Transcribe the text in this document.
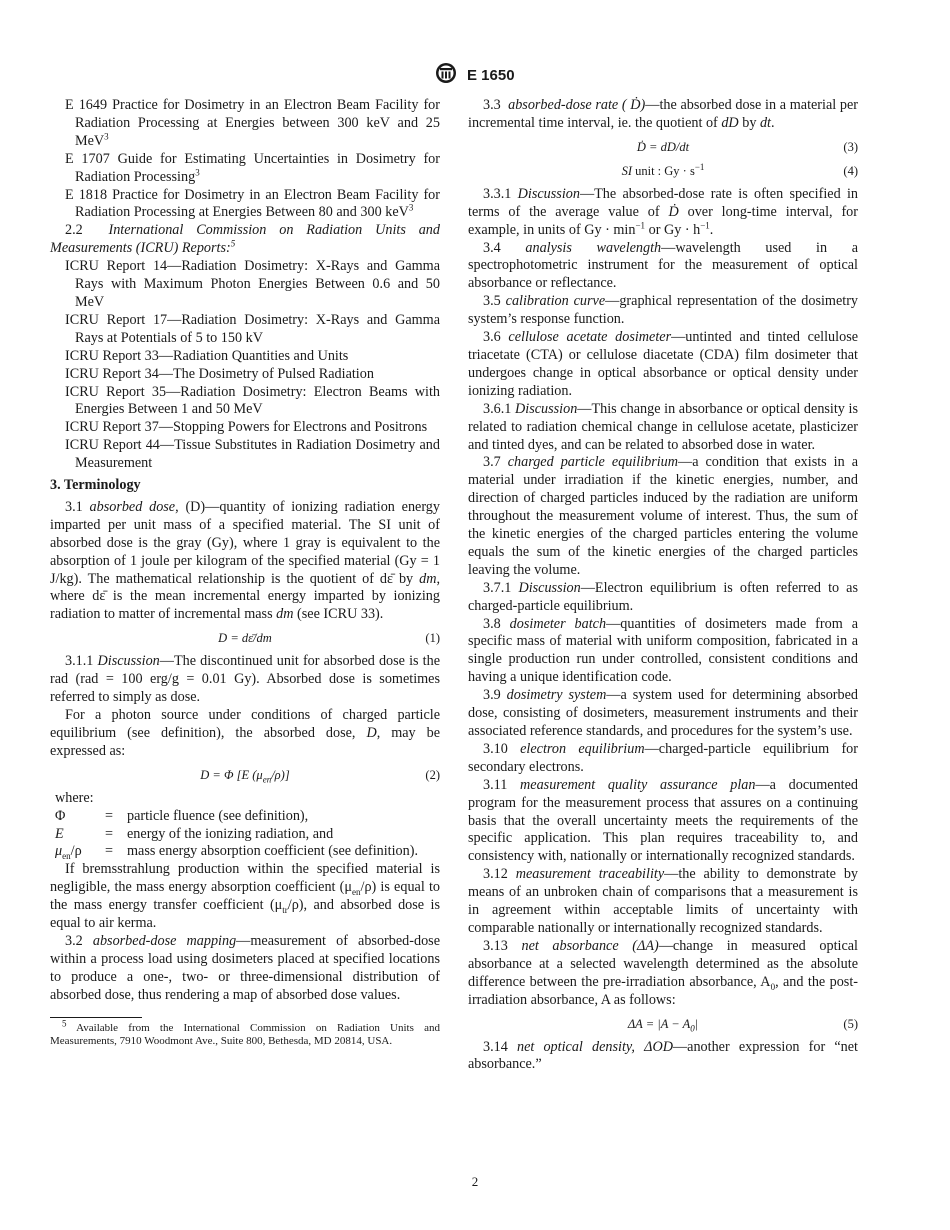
E 1650

E 1649 Practice for Dosimetry in an Electron Beam Facility for Radiation Processing at Energies between 300 keV and 25 MeV$^3$

E 1707 Guide for Estimating Uncertainties in Dosimetry for Radiation Processing$^3$

E 1818 Practice for Dosimetry in an Electron Beam Facility for Radiation Processing at Energies Between 80 and 300 keV$^3$

2.2 International Commission on Radiation Units and Measurements (ICRU) Reports:$^5$

ICRU Report 14—Radiation Dosimetry: X-Rays and Gamma Rays with Maximum Photon Energies Between 0.6 and 50 MeV

ICRU Report 17—Radiation Dosimetry: X-Rays and Gamma Rays at Potentials of 5 to 150 kV

ICRU Report 33—Radiation Quantities and Units

ICRU Report 34—The Dosimetry of Pulsed Radiation

ICRU Report 35—Radiation Dosimetry: Electron Beams with Energies Between 1 and 50 MeV

ICRU Report 37—Stopping Powers for Electrons and Positrons

ICRU Report 44—Tissue Substitutes in Radiation Dosimetry and Measurement

3. Terminology

3.1 absorbed dose, (D)—quantity of ionizing radiation energy imparted per unit mass of a specified material. The SI unit of absorbed dose is the gray (Gy), where 1 gray is equivalent to the absorption of 1 joule per kilogram of the specified material (Gy = 1 J/kg). The mathematical relationship is the quotient of dε̄ by dm, where dε̄ is the mean incremental energy imparted by ionizing radiation to matter of incremental mass dm (see ICRU 33).

D = dε̄/dm	(1)

3.1.1 Discussion—The discontinued unit for absorbed dose is the rad (rad = 100 erg/g = 0.01 Gy). Absorbed dose is sometimes referred to simply as dose.

For a photon source under conditions of charged particle equilibrium (see definition), the absorbed dose, D, may be expressed as:

D = Φ [E $(\mu_{en}/\rho)$]	(2)
where:
Φ	=	particle fluence (see definition),
E	=	energy of the ionizing radiation, and
$\mu_{en}/\rho$	=	mass energy absorption coefficient (see definition).

If bremsstrahlung production within the specified material is negligible, the mass energy absorption coefficient $(\mu_{en}/\rho)$ is equal to the mass energy transfer coefficient $(\mu_{tr}/\rho)$, and absorbed dose is equal to air kerma.

3.2 absorbed-dose mapping—measurement of absorbed-dose within a process load using dosimeters placed at specified locations to produce a one-, two- or three-dimensional distribution of absorbed dose, thus rendering a map of absorbed dose values.

$^5$ Available from the International Commission on Radiation Units and Measurements, 7910 Woodmont Ave., Suite 800, Bethesda, MD 20814, USA.

3.3 absorbed-dose rate ( Ḋ)—the absorbed dose in a material per incremental time interval, ie. the quotient of dD by dt.

Ḋ = dD/dt	(3)
SI unit : $Gy \cdot s^{-1}$	(4)

3.3.1 Discussion—The absorbed-dose rate is often specified in terms of the average value of Ḋ over long-time interval, for example, in units of $Gy \cdot \min^{-1}$ or $Gy \cdot h^{-1}$.

3.4 analysis wavelength—wavelength used in a spectrophotometric instrument for the measurement of optical absorbance or reflectance.

3.5 calibration curve—graphical representation of the dosimetry system’s response function.

3.6 cellulose acetate dosimeter—untinted and tinted cellulose triacetate (CTA) or cellulose diacetate (CDA) film dosimeter that undergoes change in optical absorbance or optical density under ionizing radiation.

3.6.1 Discussion—This change in absorbance or optical density is related to radiation chemical change in cellulose acetate, plasticizer and tinted dyes, and can be related to absorbed dose in water.

3.7 charged particle equilibrium—a condition that exists in a material under irradiation if the kinetic energies, number, and direction of charged particles induced by the radiation are uniform throughout the measurement volume of interest. Thus, the sum of the kinetic energies of the charged particles entering the volume equals the sum of the kinetic energies of the charged particles leaving the volume.

3.7.1 Discussion—Electron equilibrium is often referred to as charged-particle equilibrium.

3.8 dosimeter batch—quantities of dosimeters made from a specific mass of material with uniform composition, fabricated in a single production run under controlled, consistent conditions and having a unique identification code.

3.9 dosimetry system—a system used for determining absorbed dose, consisting of dosimeters, measurement instruments and their associated reference standards, and procedures for the system’s use.

3.10 electron equilibrium—charged-particle equilibrium for secondary electrons.

3.11 measurement quality assurance plan—a documented program for the measurement process that assures on a continuing basis that the overall uncertainty meets the requirements of the specific application. This plan requires traceability to, and consistency with, nationally or internationally recognized standards.

3.12 measurement traceability—the ability to demonstrate by means of an unbroken chain of comparisons that a measurement is in agreement within acceptable limits of uncertainty with comparable nationally or internationally recognized standards.

3.13 net absorbance (ΔA)—change in measured optical absorbance at a selected wavelength determined as the absolute difference between the pre-irradiation absorbance, $A_0$, and the post-irradiation absorbance, A as follows:

$\Delta A = |A - A_0|$	(5)

3.14 net optical density, ΔOD—another expression for “net absorbance.”

2
